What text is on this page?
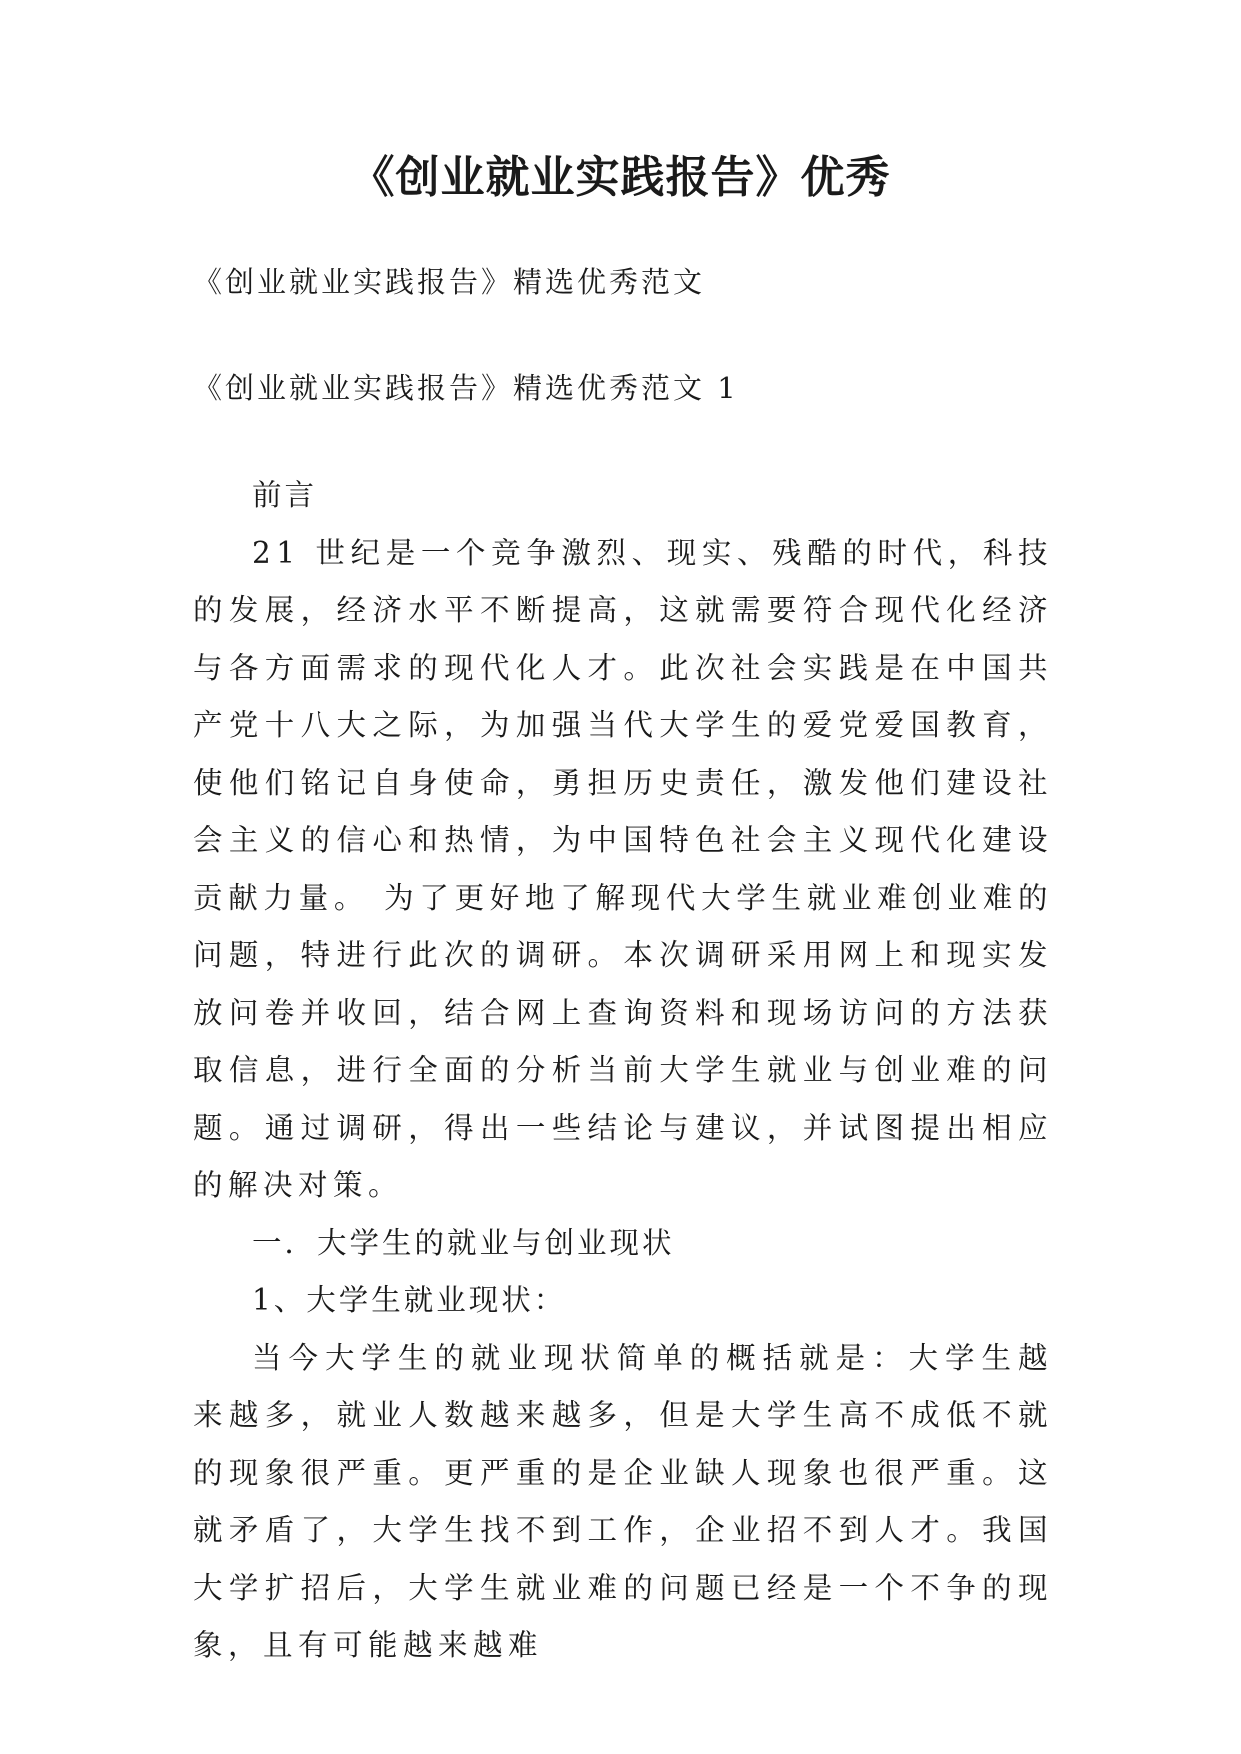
《创业就业实践报告》优秀

《创业就业实践报告》精选优秀范文

《创业就业实践报告》精选优秀范文 1

前言

21 世纪是一个竞争激烈、现实、残酷的时代，科技的发展，经济水平不断提高，这就需要符合现代化经济与各方面需求的现代化人才。此次社会实践是在中国共产党十八大之际，为加强当代大学生的爱党爱国教育，使他们铭记自身使命，勇担历史责任，激发他们建设社会主义的信心和热情，为中国特色社会主义现代化建设贡献力量。 为了更好地了解现代大学生就业难创业难的问题，特进行此次的调研。本次调研采用网上和现实发放问卷并收回，结合网上查询资料和现场访问的方法获取信息，进行全面的分析当前大学生就业与创业难的问题。通过调研，得出一些结论与建议，并试图提出相应的解决对策。

一．大学生的就业与创业现状

1、大学生就业现状：

当今大学生的就业现状简单的概括就是：大学生越来越多，就业人数越来越多，但是大学生高不成低不就的现象很严重。更严重的是企业缺人现象也很严重。这就矛盾了，大学生找不到工作，企业招不到人才。我国大学扩招后，大学生就业难的问题已经是一个不争的现象，且有可能越来越难
